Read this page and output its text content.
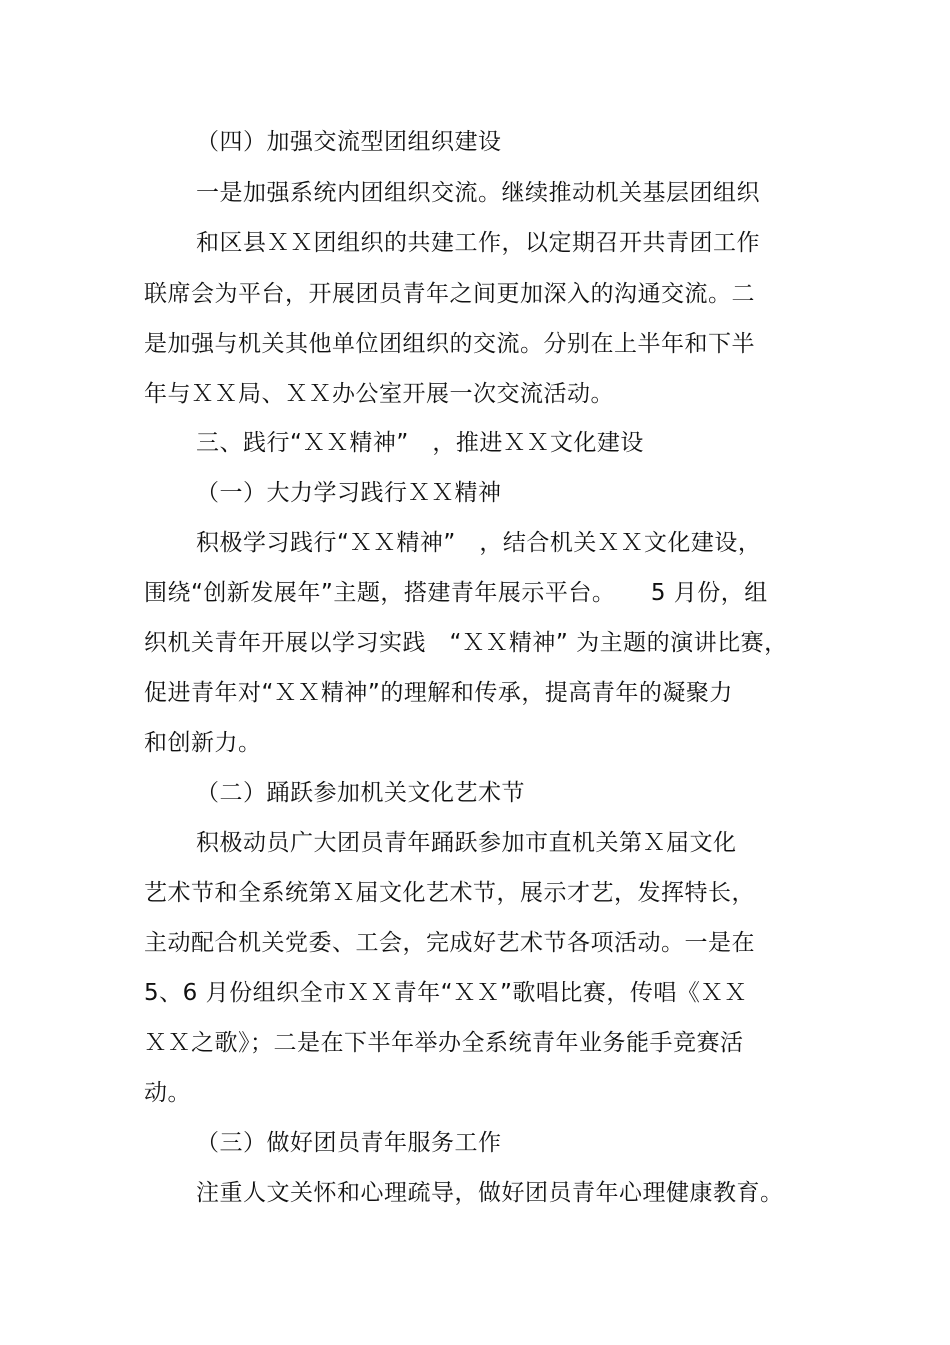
（四）加强交流型团组织建设
一是加强系统内团组织交流。继续推动机关基层团组织
和区县ＸＸ团组织的共建工作，以定期召开共青团工作
联席会为平台，开展团员青年之间更加深入的沟通交流。二
是加强与机关其他单位团组织的交流。分别在上半年和下半
年与ＸＸ局、ＸＸ办公室开展一次交流活动。
三、践行“ＸＸ精神”　，推进ＸＸ文化建设
（一）大力学习践行ＸＸ精神
积极学习践行“ＸＸ精神”　，结合机关ＸＸ文化建设，
围绕“创新发展年”主题，搭建青年展示平台。　　5 月份，组
织机关青年开展以学习实践　“ＸＸ精神” 为主题的演讲比赛，
促进青年对“ＸＸ精神”的理解和传承，提高青年的凝聚力
和创新力。
（二）踊跃参加机关文化艺术节
积极动员广大团员青年踊跃参加市直机关第Ｘ届文化
艺术节和全系统第Ｘ届文化艺术节，展示才艺，发挥特长，
主动配合机关党委、工会，完成好艺术节各项活动。一是在
5、6 月份组织全市ＸＸ青年“ＸＸ”歌唱比赛，传唱《ＸＸ
ＸＸ之歌》；二是在下半年举办全系统青年业务能手竞赛活
动。
（三）做好团员青年服务工作
注重人文关怀和心理疏导，做好团员青年心理健康教育。
